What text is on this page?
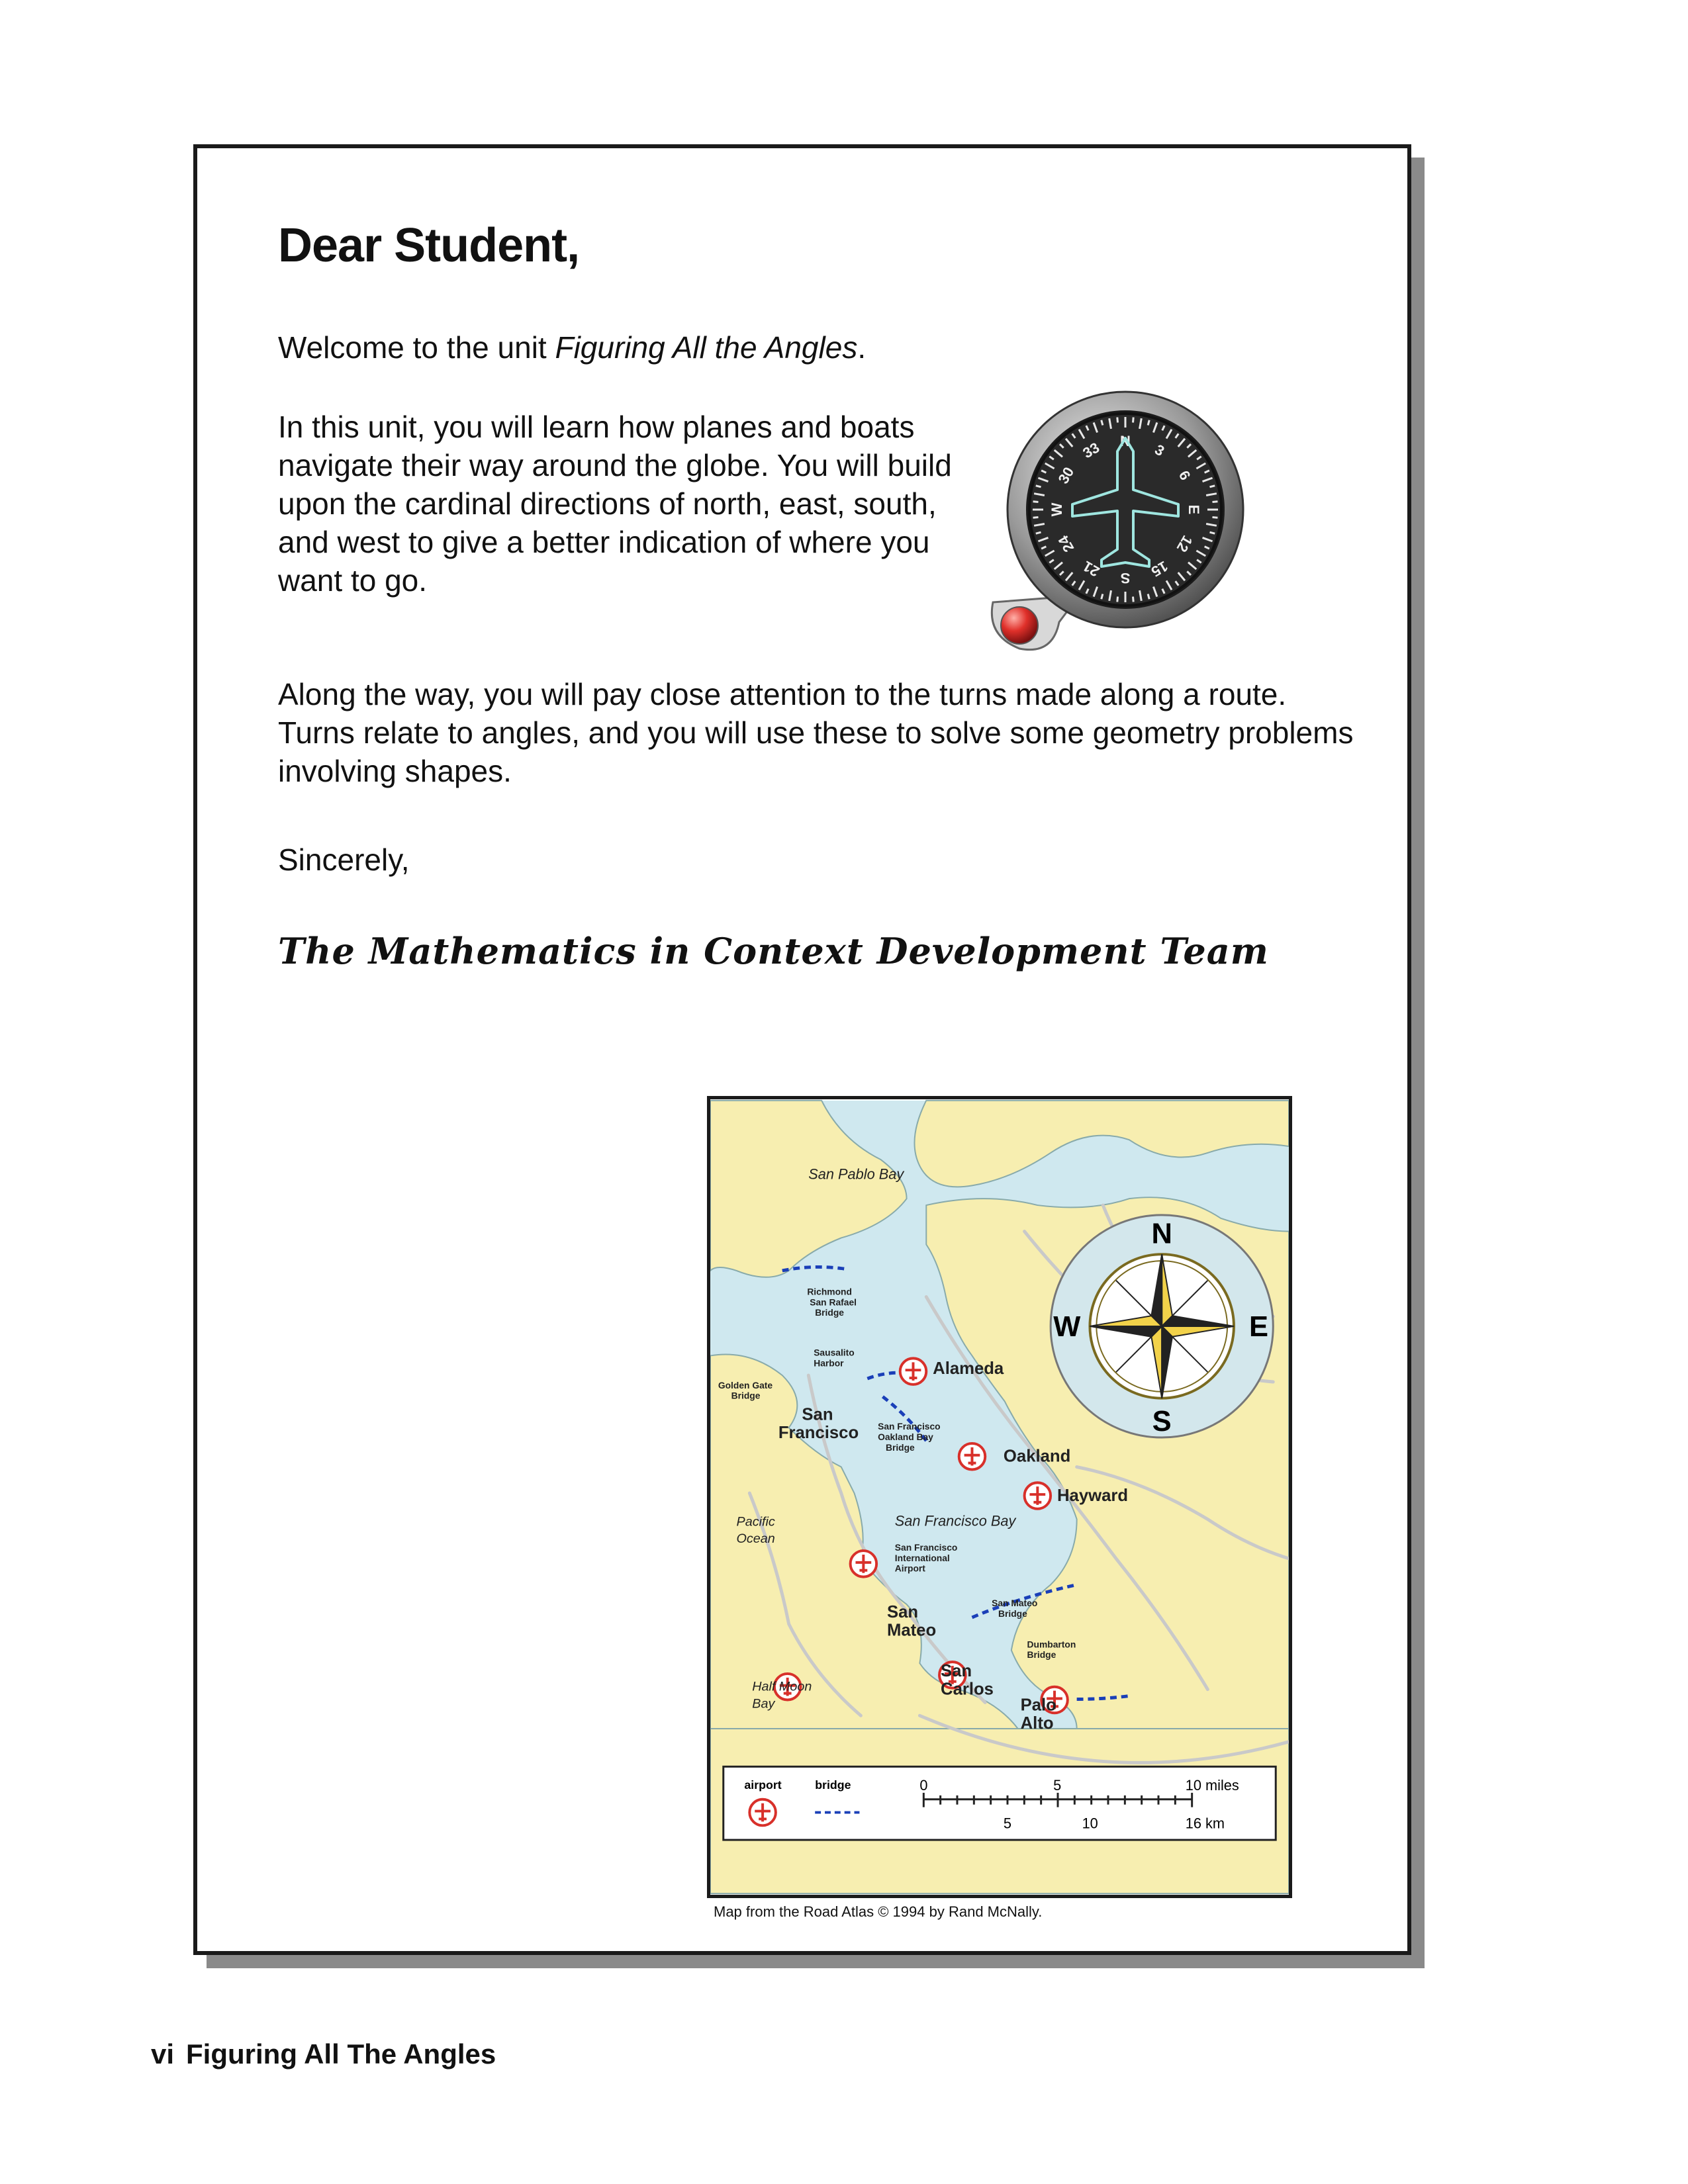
Dear Student,
Welcome to the unit Figuring All the Angles.
In this unit, you will learn how planes and boats navigate their way around the globe. You will build upon the cardinal directions of north, east, south, and west to give a better indication of where you want to go.
Along the way, you will pay close attention to the turns made along a route. Turns relate to angles, and you will use these to solve some geometry problems involving shapes.
Sincerely,
The Mathematics in Context Development Team
N 3
6
E
12
15
S
21
24
W
30
33
N
S
E
W
San Pablo Bay
Richmond San Rafael Bridge
Sausalito Harbor
Golden Gate Bridge
Alameda
San Francisco San Francisco Oakland Bay Bridge	Oakland
Hayward
Pacific Ocean
San Francisco Bay
San Francisco International Airport
San Mateo Bridge
San Mateo
Dumbarton Bridge
San Carlos
Half Moon Bay	Palo Alto
airport	bridge	0	5	10 miles
5	10	16 km
Map from the Road Atlas © 1994 by Rand McNally.
vi Figuring All The Angles
